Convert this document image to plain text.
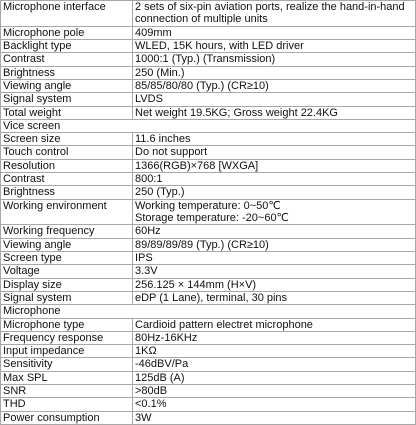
Microphone interface	2 sets of six-pin aviation ports, realize the hand-in-hand connection of multiple units
Microphone pole	409mm
Backlight type	WLED, 15K hours, with LED driver
Contrast	1000:1 (Typ.) (Transmission)
Brightness	250 (Min.)
Viewing angle	85/85/80/80 (Typ.) (CR≥10)
Signal system	LVDS
Total weight	Net weight 19.5KG; Gross weight 22.4KG
Vice screen	
Screen size	11.6 inches
Touch control	Do not support
Resolution	1366(RGB)×768 [WXGA]
Contrast	800:1
Brightness	250 (Typ.)
Working environment	Working temperature: 0~50℃
Storage temperature: -20~60℃

Working frequency	60Hz
Viewing angle	89/89/89/89 (Typ.) (CR≥10)
Screen type	IPS
Voltage	3.3V
Display size	256.125 × 144mm (H×V)
Signal system	eDP (1 Lane), terminal, 30 pins
Microphone	
Microphone type	Cardioid pattern electret microphone
Frequency response	80Hz-16KHz
Input impedance	1KΩ
Sensitivity	-46dBV/Pa
Max SPL	125dB (A)
SNR	>80dB
THD	<0.1%
Power consumption	3W
